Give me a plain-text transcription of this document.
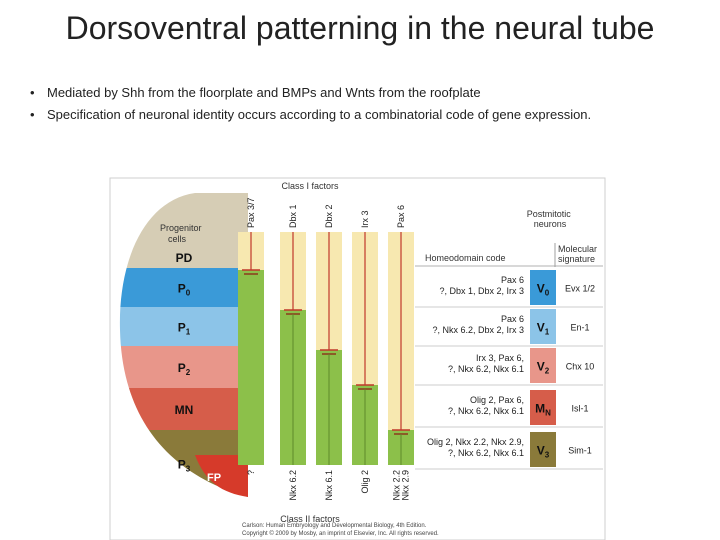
Dorsoventral patterning in the neural tube
• Mediated by Shh from the floorplate and BMPs and Wnts from the roofplate
• Specification of neuronal identity occurs according to a combinatorial code of gene expression.
PD
$P_0$
$P_1$
$P_2$
MN
$P_3$
FP
Progenitor cells
Class I factors
Class II factors
Postmitotic neurons
Homeodomain code
Molecular signature
Pax 3/7	Dbx 1	Dbx 2	Irx 3	Pax 6
?	Nkx 6.2	Nkx 6.1	Olig 2 Nkx 2.2 Nkx 2.9
Pax 6
?, Dbx 1, Dbx 2, Irx 3 $V_0$ Evx 1/2
Pax 6
?, Nkx 6.2, Dbx 2, Irx 3 $V_1$ En-1
Irx 3, Pax 6,
?, Nkx 6.2, Nkx 6.1 $V_2$ Chx 10
Olig 2, Pax 6,
?, Nkx 6.2, Nkx 6.1 $M_N$ Isl-1
Olig 2, Nkx 2.2, Nkx 2.9,
?, Nkx 6.2, Nkx 6.1 $V_3$ Sim-1
Carlson: Human Embryology and Developmental Biology, 4th Edition.
Copyright © 2009 by Mosby, an imprint of Elsevier, Inc. All rights reserved.
